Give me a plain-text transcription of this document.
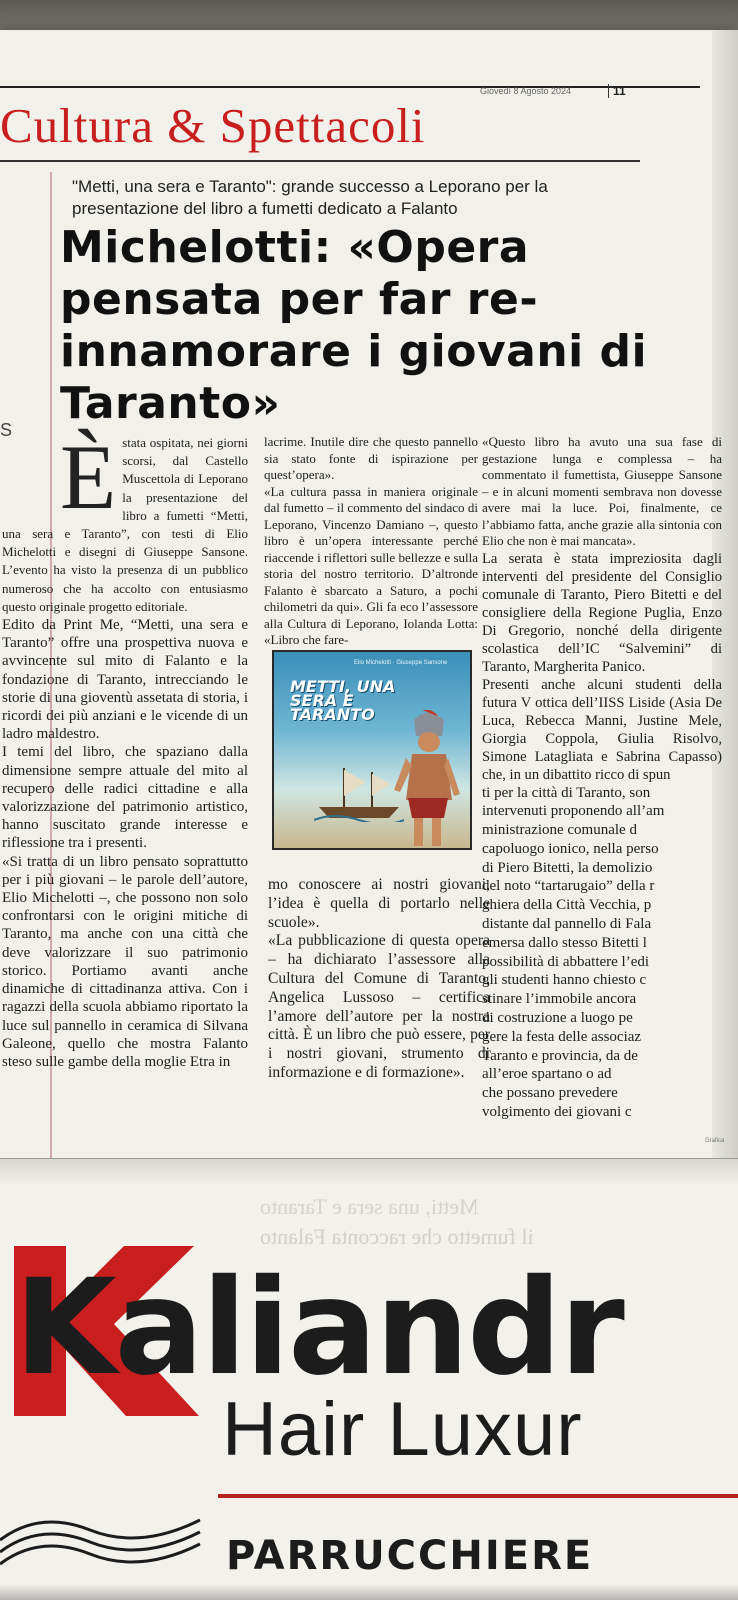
Giovedì 8 Agosto 2024	11
Cultura & Spettacoli
"Metti, una sera e Taranto": grande successo a Leporano per la presentazione del libro a fumetti dedicato a Falanto
Michelotti: «Opera pensata per far re-innamorare i giovani di Taranto»
S È stata ospitata, nei giorni scorsi, dal Castello Muscettola di Leporano la presentazione del libro a fumetti “Metti, una sera e Taranto”, con testi di Elio Michelotti e disegni di Giuseppe Sansone. L’evento ha visto la presenza di un pubblico numeroso che ha accolto con entusiasmo questo originale progetto editoriale.

Edito da Print Me, “Metti, una sera e Taranto” offre una prospettiva nuova e avvincente sul mito di Falanto e la fondazione di Taranto, intrecciando le storie di una gioventù assetata di storia, i ricordi dei più anziani e le vicende di un ladro maldestro.

I temi del libro, che spaziano dalla dimensione sempre attuale del mito al recupero delle radici cittadine e alla valorizzazione del patrimonio artistico, hanno suscitato grande interesse e riflessione tra i presenti.

«Si tratta di un libro pensato soprattutto per i più giovani – le parole dell’autore, Elio Michelotti –, che possono non solo confrontarsi con le origini mitiche di Taranto, ma anche con una città che deve valorizzare il suo patrimonio storico. Portiamo avanti anche dinamiche di cittadinanza attiva. Con i ragazzi della scuola abbiamo riportato la luce sul pannello in ceramica di Silvana Galeone, quello che mostra Falanto steso sulle gambe della moglie Etra in

lacrime. Inutile dire che questo pannello sia stato fonte di ispirazione per quest’opera».

«La cultura passa in maniera originale dal fumetto – il commento del sindaco di Leporano, Vincenzo Damiano –, questo libro è un’opera interessante perché riaccende i riflettori sulle bellezze e sulla storia del nostro territorio. D’altronde Falanto è sbarcato a Saturo, a pochi chilometri da qui». Gli fa eco l’assessore alla Cultura di Leporano, Iolanda Lotta: «Libro che fare-

Elio Michelotti · Giuseppe Sansone
METTI, UNA SERA E TARANTO

mo conoscere ai nostri giovani, l’idea è quella di portarlo nelle scuole».

«La pubblicazione di questa opera – ha dichiarato l’assessore alla Cultura del Comune di Taranto, Angelica Lussoso – certifica l’amore dell’autore per la nostra città. È un libro che può essere, per i nostri giovani, strumento di informazione e di formazione».

«Questo libro ha avuto una sua fase di gestazione lunga e complessa – ha commentato il fumettista, Giuseppe Sansone – e in alcuni momenti sembrava non dovesse avere mai la luce. Poi, finalmente, ce l’abbiamo fatta, anche grazie alla sintonia con Elio che non è mai mancata».

La serata è stata impreziosita dagli interventi del presidente del Consiglio comunale di Taranto, Piero Bitetti e del consigliere della Regione Puglia, Enzo Di Gregorio, nonché della dirigente scolastica dell’IC “Salvemini” di Taranto, Margherita Panico.

Presenti anche alcuni studenti della futura V ottica dell’IISS Liside (Asia De Luca, Rebecca Manni, Justine Mele, Giorgia Coppola, Giulia Risolvo, Simone Latagliata e Sabrina Capasso) che, in un dibattito ricco di spun

ti per la città di Taranto, son
intervenuti proponendo all’am
ministrazione comunale d
capoluogo ionico, nella perso
di Piero Bitetti, la demolizio
del noto “tartarugaio” della r
ghiera della Città Vecchia, p
distante dal pannello di Fala
emersa dallo stesso Bitetti l
possibilità di abbattere l’edi
gli studenti hanno chiesto c
stinare l’immobile ancora
di costruzione a luogo pe
gere la festa delle associaz
Taranto e provincia, da de
all’eroe spartano o ad
che possano prevedere
volgimento dei giovani c
Grafica
Metti, una sera e Taranto
il fumetto che racconta Falanto
Kaliandr
Hair Luxur
PARRUCCHIERE
